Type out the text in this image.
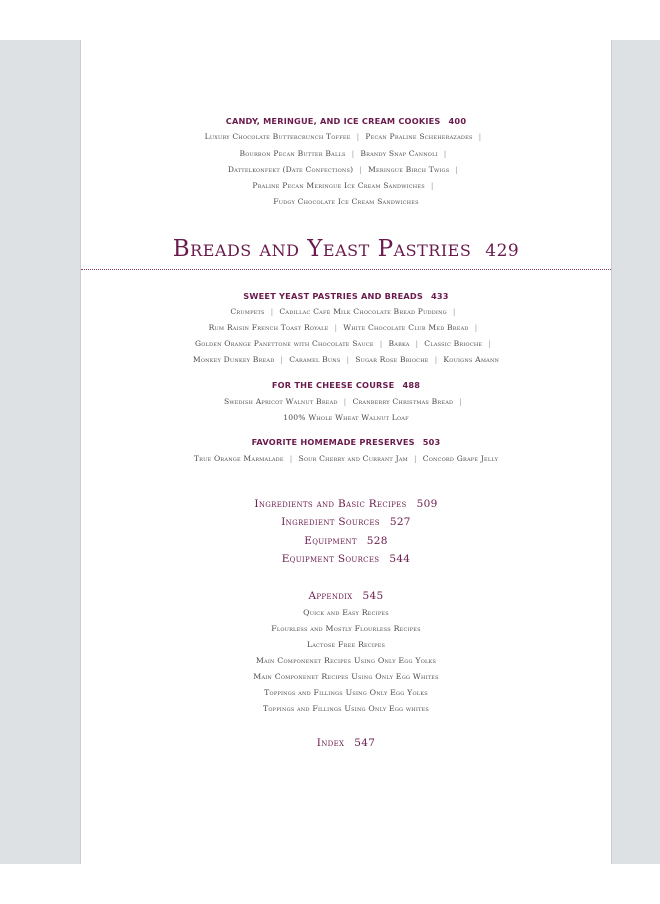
CANDY, MERINGUE, AND ICE CREAM COOKIES 400
Luxury Chocolate Buttercrunch Toffee | Pecan Praline Scheherazades |
Bourbon Pecan Butter Balls | Brandy Snap Cannoli |
Dattelkonfekt (Date Confections) | Meringue Birch Twigs |
Praline Pecan Meringue Ice Cream Sandwiches |
Fudgy Chocolate Ice Cream Sandwiches
Breads and Yeast Pastries 429
SWEET YEAST PASTRIES AND BREADS 433
Crumpets | Cadillac Café Milk Chocolate Bread Pudding |
Rum Raisin French Toast Royale | White Chocolate Club Med Bread |
Golden Orange Panettone with Chocolate Sauce | Babka | Classic Brioche |
Monkey Dunkey Bread | Caramel Buns | Sugar Rose Brioche | Kouigns Amann
FOR THE CHEESE COURSE 488
Swedish Apricot Walnut Bread | Cranberry Christmas Bread |
100% Whole Wheat Walnut Loaf
FAVORITE HOMEMADE PRESERVES 503
True Orange Marmalade | Sour Cherry and Currant Jam | Concord Grape Jelly
Ingredients and Basic Recipes 509
Ingredient Sources 527
Equipment 528
Equipment Sources 544
Appendix 545
Quick and Easy Recipes
Flourless and Mostly Flourless Recipes
Lactose Free Recipes
Main Componenet Recipes Using Only Egg Yolks
Main Componenet Recipes Using Only Egg Whites
Toppings and Fillings Using Only Egg Yolks
Toppings and Fillings Using Only Egg whites
Index 547
